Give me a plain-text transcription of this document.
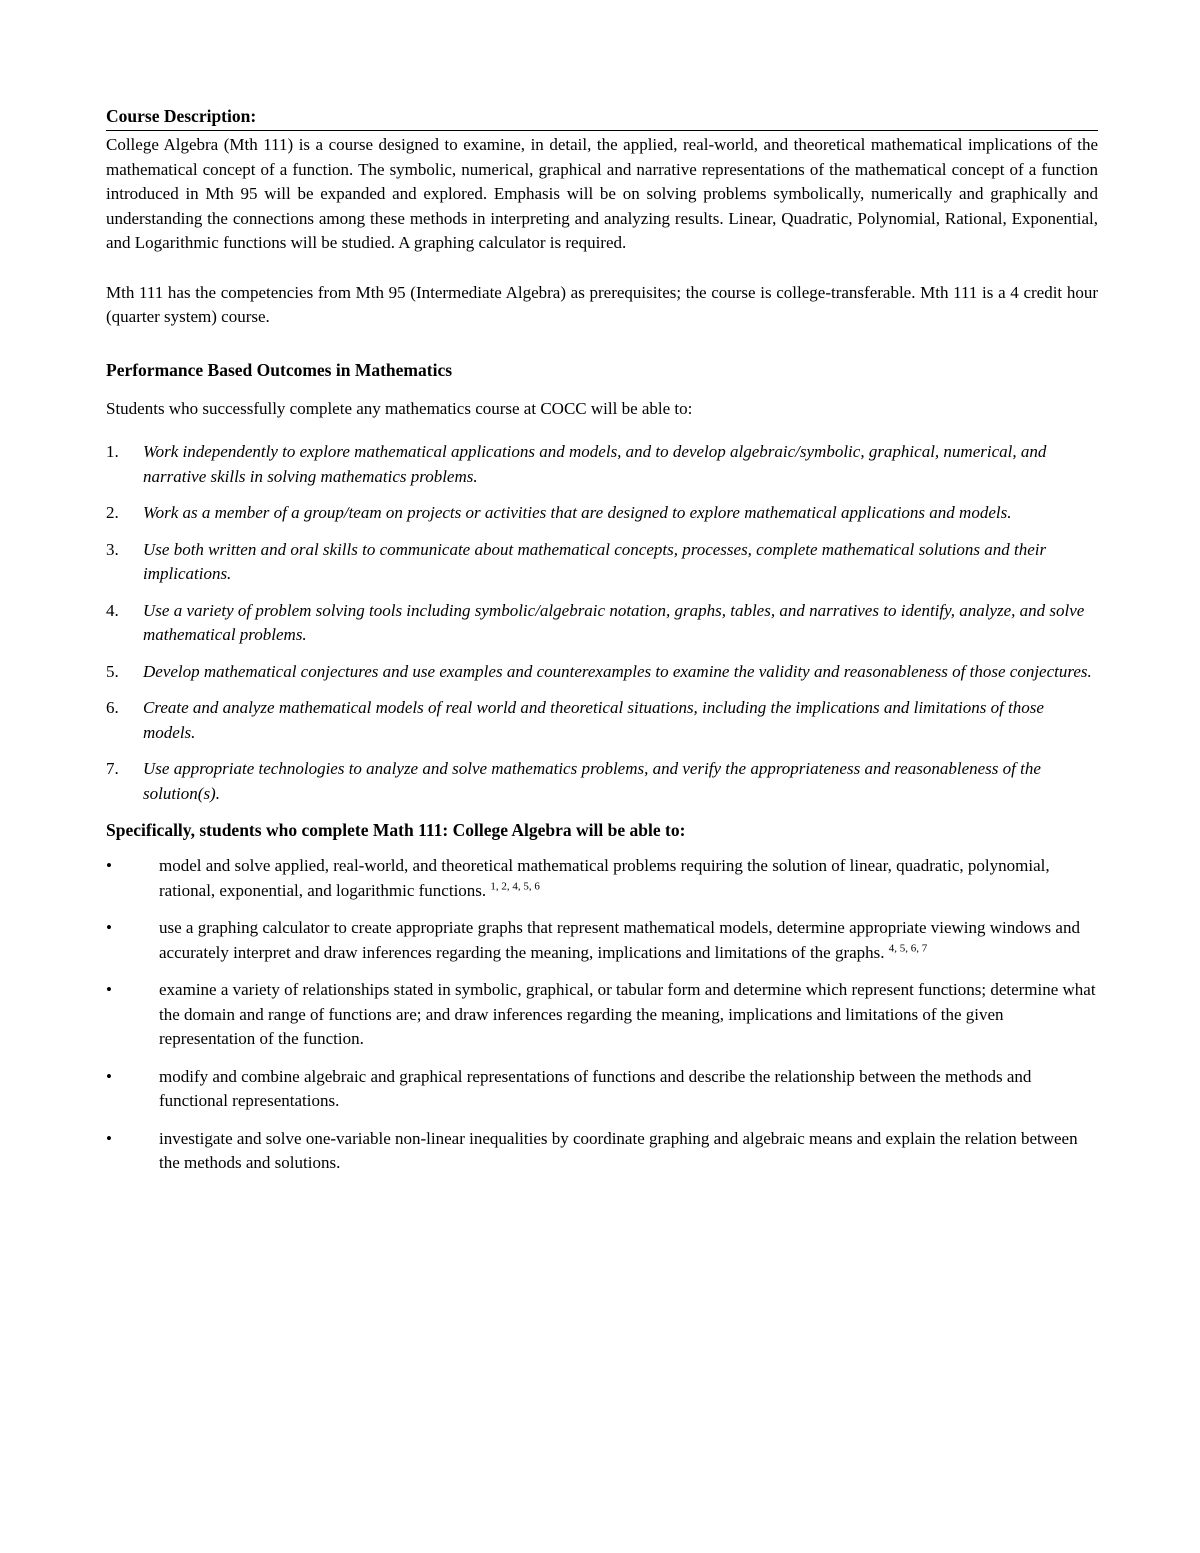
Course Description:

College Algebra (Mth 111) is a course designed to examine, in detail, the applied, real-world, and theoretical mathematical implications of the mathematical concept of a function. The symbolic, numerical, graphical and narrative representations of the mathematical concept of a function introduced in Mth 95 will be expanded and explored. Emphasis will be on solving problems symbolically, numerically and graphically and understanding the connections among these methods in interpreting and analyzing results. Linear, Quadratic, Polynomial, Rational, Exponential, and Logarithmic functions will be studied. A graphing calculator is required.

Mth 111 has the competencies from Mth 95 (Intermediate Algebra) as prerequisites; the course is college-transferable. Mth 111 is a 4 credit hour (quarter system) course.

Performance Based Outcomes in Mathematics

Students who successfully complete any mathematics course at COCC will be able to:

1. Work independently to explore mathematical applications and models, and to develop algebraic/symbolic, graphical, numerical, and narrative skills in solving mathematics problems.
2. Work as a member of a group/team on projects or activities that are designed to explore mathematical applications and models.
3. Use both written and oral skills to communicate about mathematical concepts, processes, complete mathematical solutions and their implications.
4. Use a variety of problem solving tools including symbolic/algebraic notation, graphs, tables, and narratives to identify, analyze, and solve mathematical problems.
5. Develop mathematical conjectures and use examples and counterexamples to examine the validity and reasonableness of those conjectures.
6. Create and analyze mathematical models of real world and theoretical situations, including the implications and limitations of those models.
7. Use appropriate technologies to analyze and solve mathematics problems, and verify the appropriateness and reasonableness of the solution(s).

Specifically, students who complete Math 111: College Algebra will be able to:

•	model and solve applied, real-world, and theoretical mathematical problems requiring the solution of linear, quadratic, polynomial, rational, exponential, and logarithmic functions. $^{1, 2, 4, 5, 6}$
•	use a graphing calculator to create appropriate graphs that represent mathematical models, determine appropriate viewing windows and accurately interpret and draw inferences regarding the meaning, implications and limitations of the graphs. $^{4, 5, 6, 7}$
•	examine a variety of relationships stated in symbolic, graphical, or tabular form and determine which represent functions; determine what the domain and range of functions are; and draw inferences regarding the meaning, implications and limitations of the given representation of the function.
•	modify and combine algebraic and graphical representations of functions and describe the relationship between the methods and functional representations.
•	investigate and solve one-variable non-linear inequalities by coordinate graphing and algebraic means and explain the relation between the methods and solutions.
